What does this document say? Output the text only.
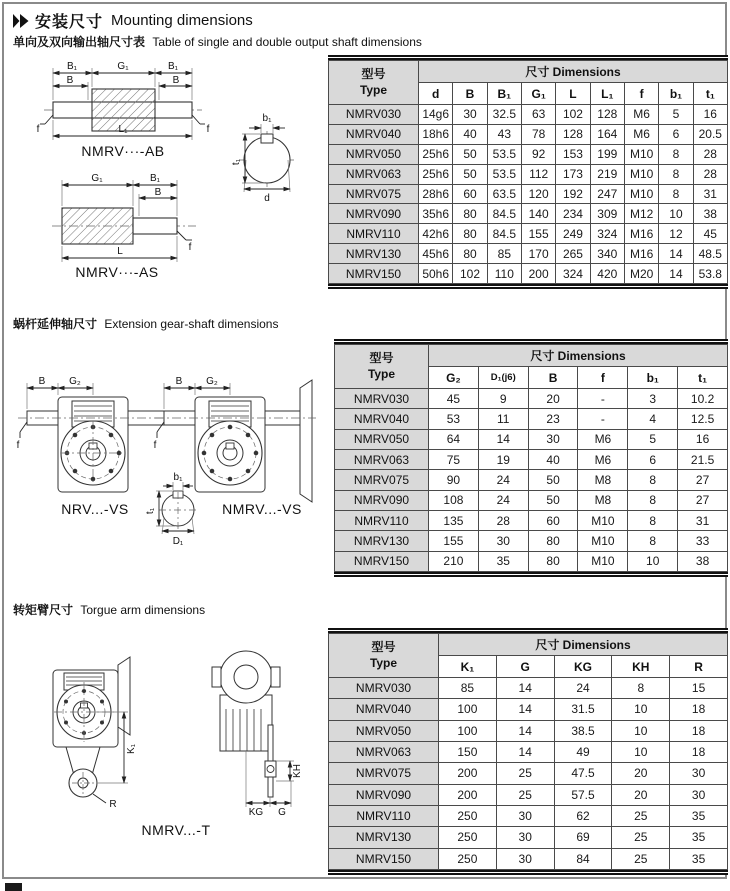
安装尺寸 Mounting dimensions
单向及双向输出轴尺寸表 Table of single and double output shaft dimensions
蜗杆延伸轴尺寸 Extension gear-shaft dimensions
转矩臂尺寸 Torgue arm dimensions
B₁	G₁	B₁
B	B
f	f
L₁
NMRV···-AB
b₁
t₁
d
G₁	B₁
B
L	f
NMRV···-AS
B G₂
f
NRV...-VS
B G₂
f
NMRV...-VS
b₁
t₁
D₁
K₁
R
KH
KG G
NMRV...-T
型号
Type	尺寸 Dimensions								
	d	B	B₁	G₁	L	L₁	f	b₁	t₁
NMRV030	14g6	30	32.5	63	102	128	M6	5	16
NMRV040	18h6	40	43	78	128	164	M6	6	20.5
NMRV050	25h6	50	53.5	92	153	199	M10	8	28
NMRV063	25h6	50	53.5	112	173	219	M10	8	28
NMRV075	28h6	60	63.5	120	192	247	M10	8	31
NMRV090	35h6	80	84.5	140	234	309	M12	10	38
NMRV110	42h6	80	84.5	155	249	324	M16	12	45
NMRV130	45h6	80	85	170	265	340	M16	14	48.5
NMRV150	50h6	102	110	200	324	420	M20	14	53.8
型号
Type	尺寸 Dimensions					
	G₂	D₁(j6)	B	f	b₁	t₁
NMRV030	45	9	20	-	3	10.2
NMRV040	53	11	23	-	4	12.5
NMRV050	64	14	30	M6	5	16
NMRV063	75	19	40	M6	6	21.5
NMRV075	90	24	50	M8	8	27
NMRV090	108	24	50	M8	8	27
NMRV110	135	28	60	M10	8	31
NMRV130	155	30	80	M10	8	33
NMRV150	210	35	80	M10	10	38
型号
Type	尺寸 Dimensions				
	K₁	G	KG	KH	R
NMRV030	85	14	24	8	15
NMRV040	100	14	31.5	10	18
NMRV050	100	14	38.5	10	18
NMRV063	150	14	49	10	18
NMRV075	200	25	47.5	20	30
NMRV090	200	25	57.5	20	30
NMRV110	250	30	62	25	35
NMRV130	250	30	69	25	35
NMRV150	250	30	84	25	35
